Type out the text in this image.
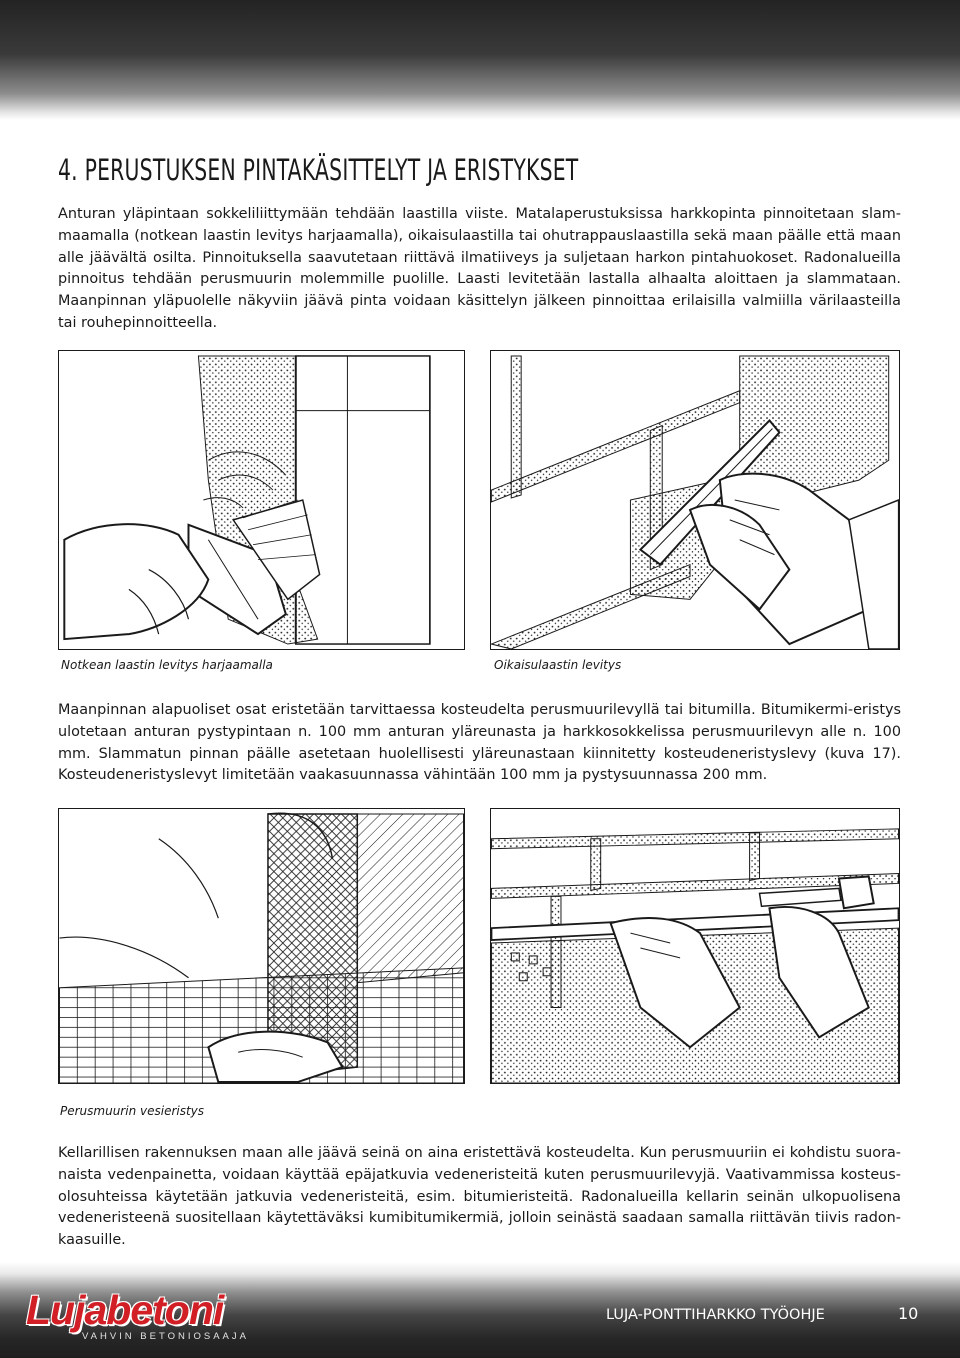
4. PERUSTUKSEN PINTAKÄSITTELYT JA ERISTYKSET

Anturan yläpintaan sokkeliliittymään tehdään laastilla viiste. Matalaperustuksissa harkkopinta pinnoitetaan slam-maamalla (notkean laastin levitys harjaamalla), oikaisulaastilla tai ohutrappauslaastilla sekä maan päälle että maan alle jäävältä osilta. Pinnoituksella saavutetaan riittävä ilmatiiveys ja suljetaan harkon pintahuokoset. Radonalueilla pinnoitus tehdään perusmuurin molemmille puolille. Laasti levitetään lastalla alhaalta aloittaen ja slammataan. Maanpinnan yläpuolelle näkyviin jäävä pinta voidaan käsittelyn jälkeen pinnoittaa erilaisilla valmiilla värilaasteilla tai rouhepinnoitteella.

Notkean laastin levitys harjaamalla	Oikaisulaastin levitys

Maanpinnan alapuoliset osat eristetään tarvittaessa kosteudelta perusmuurilevyllä tai bitumilla. Bitumikermi-eristys ulotetaan anturan pystypintaan n. 100 mm anturan yläreunasta ja harkkosokkelissa perusmuurilevyn alle n. 100 mm. Slammatun pinnan päälle asetetaan huolellisesti yläreunastaan kiinnitetty kosteudeneristyslevy (kuva 17). Kosteudeneristyslevyt limitetään vaakasuunnassa vähintään 100 mm ja pystysuunnassa 200 mm.

Perusmuurin vesieristys

Kellarillisen rakennuksen maan alle jäävä seinä on aina eristettävä kosteudelta. Kun perusmuuriin ei kohdistu suora-naista vedenpainetta, voidaan käyttää epäjatkuvia vedeneristeitä kuten perusmuurilevyjä. Vaativammissa kosteus-olosuhteissa käytetään jatkuvia vedeneristeitä, esim. bitumieristeitä. Radonalueilla kellarin seinän ulkopuolisena vedeneristeenä suositellaan käytettäväksi kumibitumikermiä, jolloin seinästä saadaan samalla riittävän tiivis radon-kaasuille.

Lujabetoni
VAHVIN BETONIOSAAJA
LUJA-PONTTIHARKKO TYÖOHJE	10
